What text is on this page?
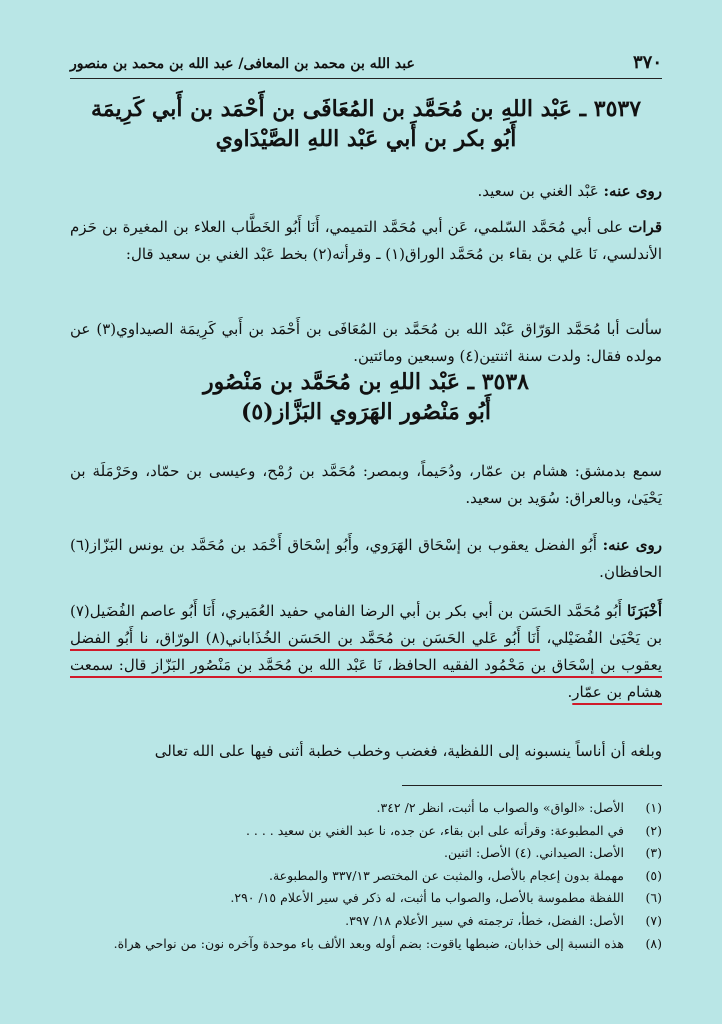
٣٧٠
عبد الله بن محمد بن المعافى/ عبد الله بن محمد بن منصور
٣٥٣٧ ـ عَبْد اللهِ بن مُحَمَّد بن المُعَافَى بن أَحْمَد بن أَبي كَرِيمَة
أَبُو بكر بن أَبي عَبْد اللهِ الصَّيْدَاوي
روى عنه: عَبْد الغني بن سعيد.
قرات على أبي مُحَمَّد السّلمي، عَن أبي مُحَمَّد التميمي، أَنَا أَبُو الخَطَّاب العلاء بن المغيرة بن حَزم الأندلسي، نَا عَلي بن بقاء بن مُحَمَّد الوراق(١) ـ وقرأته(٢) بخط عَبْد الغني بن سعيد قال:
سألت أبا مُحَمَّد الوَرّاق عَبْد الله بن مُحَمَّد بن المُعَافَى بن أَحْمَد بن أَبي كَرِيمَة الصيداوي(٣) عن مولده فقال: ولدت سنة اثنتين(٤) وسبعين ومائتين.
٣٥٣٨ ـ عَبْد اللهِ بن مُحَمَّد بن مَنْصُور
أَبُو مَنْصُور الهَرَوي البَزَّاز(٥)
سمع بدمشق: هشام بن عمّار، ودُحَيماً، وبمصر: مُحَمَّد بن رُمْح، وعيسى بن حمّاد، وحَرْمَلَة بن يَحْيَىٰ، وبالعراق: سُوَيد بن سعيد.
روى عنه: أَبُو الفضل يعقوب بن إسْحَاق الهَرَوي، وأَبُو إسْحَاق أَحْمَد بن مُحَمَّد بن يونس البَزّاز(٦) الحافظان.
أَخْبَرَنَا أَبُو مُحَمَّد الحَسَن بن أبي بكر بن أبي الرضا الفامي حفيد العُمَيري، أَنَا أَبُو عاصم الفُضَيل(٧) بن يَحْيَىٰ الفُضَيْلي، أَنَا أَبُو عَلي الحَسَن بن مُحَمَّد بن الحَسَن الخُذَاباني(٨) الورّاق، نا أَبُو الفضل يعقوب بن إسْحَاق بن مَحْمُود الفقيه الحافظ، نَا عَبْد الله بن مُحَمَّد بن مَنْصُور البَزّاز قال: سمعت هشام بن عمّار.
وبلغه أن أناساً ينسبونه إلى اللفظية، فغضب وخطب خطبة أثنى فيها على الله تعالى
(١)
الأصل: «الواق» والصواب ما أثبت، انظر ٢/ ٣٤٢.
(٢)
في المطبوعة: وقرأته على ابن بقاء، عن جده، نا عبد الغني بن سعيد . . . .
(٣)
الأصل: الصيداني. (٤) الأصل: اثنين.
(٥)
مهملة بدون إعجام بالأصل، والمثبت عن المختصر ٣٣٧/١٣ والمطبوعة.
(٦)
اللفظة مطموسة بالأصل، والصواب ما أثبت، له ذكر في سير الأعلام ١٥/ ٢٩٠.
(٧)
الأصل: الفضل، خطأ، ترجمته في سير الأعلام ١٨/ ٣٩٧.
(٨)
هذه النسبة إلى خذابان، ضبطها ياقوت: بضم أوله وبعد الألف باء موحدة وآخره نون: من نواحي هراة.
